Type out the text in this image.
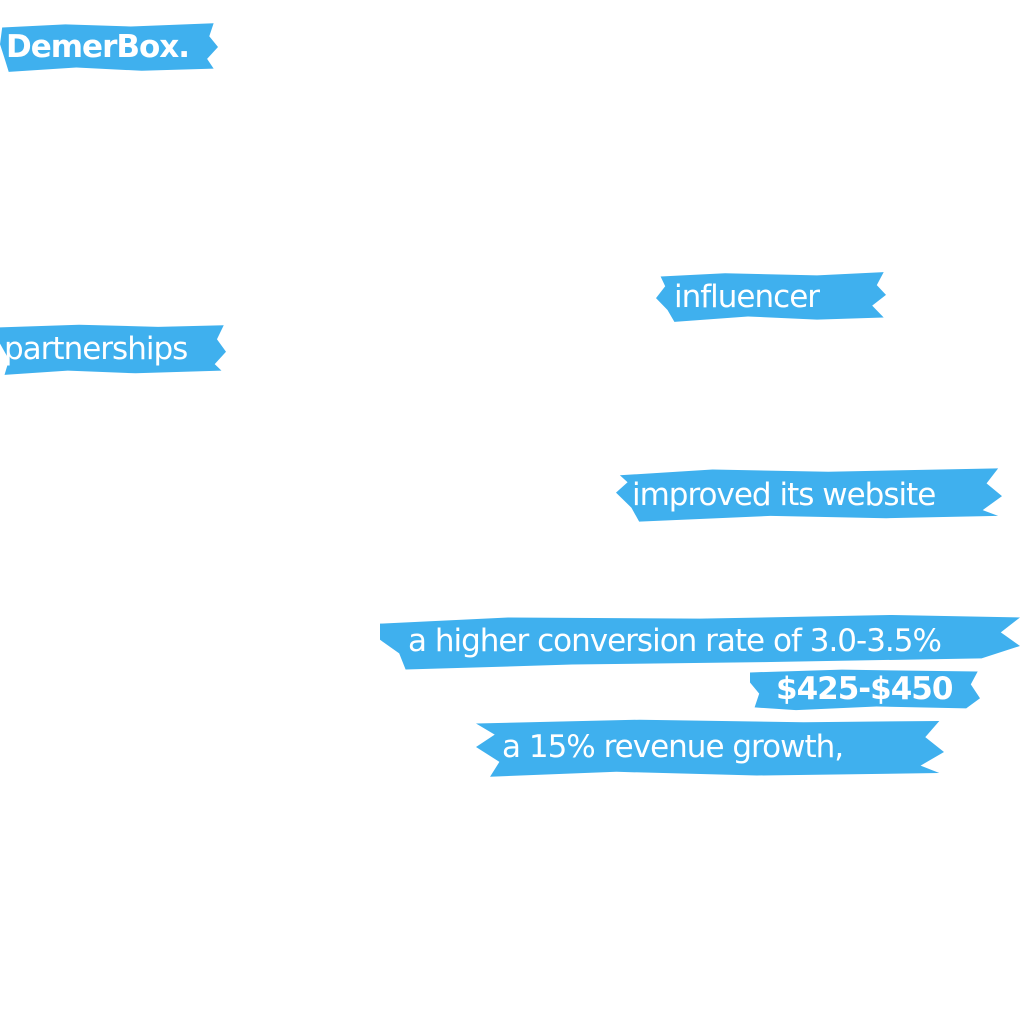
DemerBox.
influencer
partnerships
improved its website
a higher conversion rate of 3.0-3.5%
$425-$450
a 15% revenue growth,
